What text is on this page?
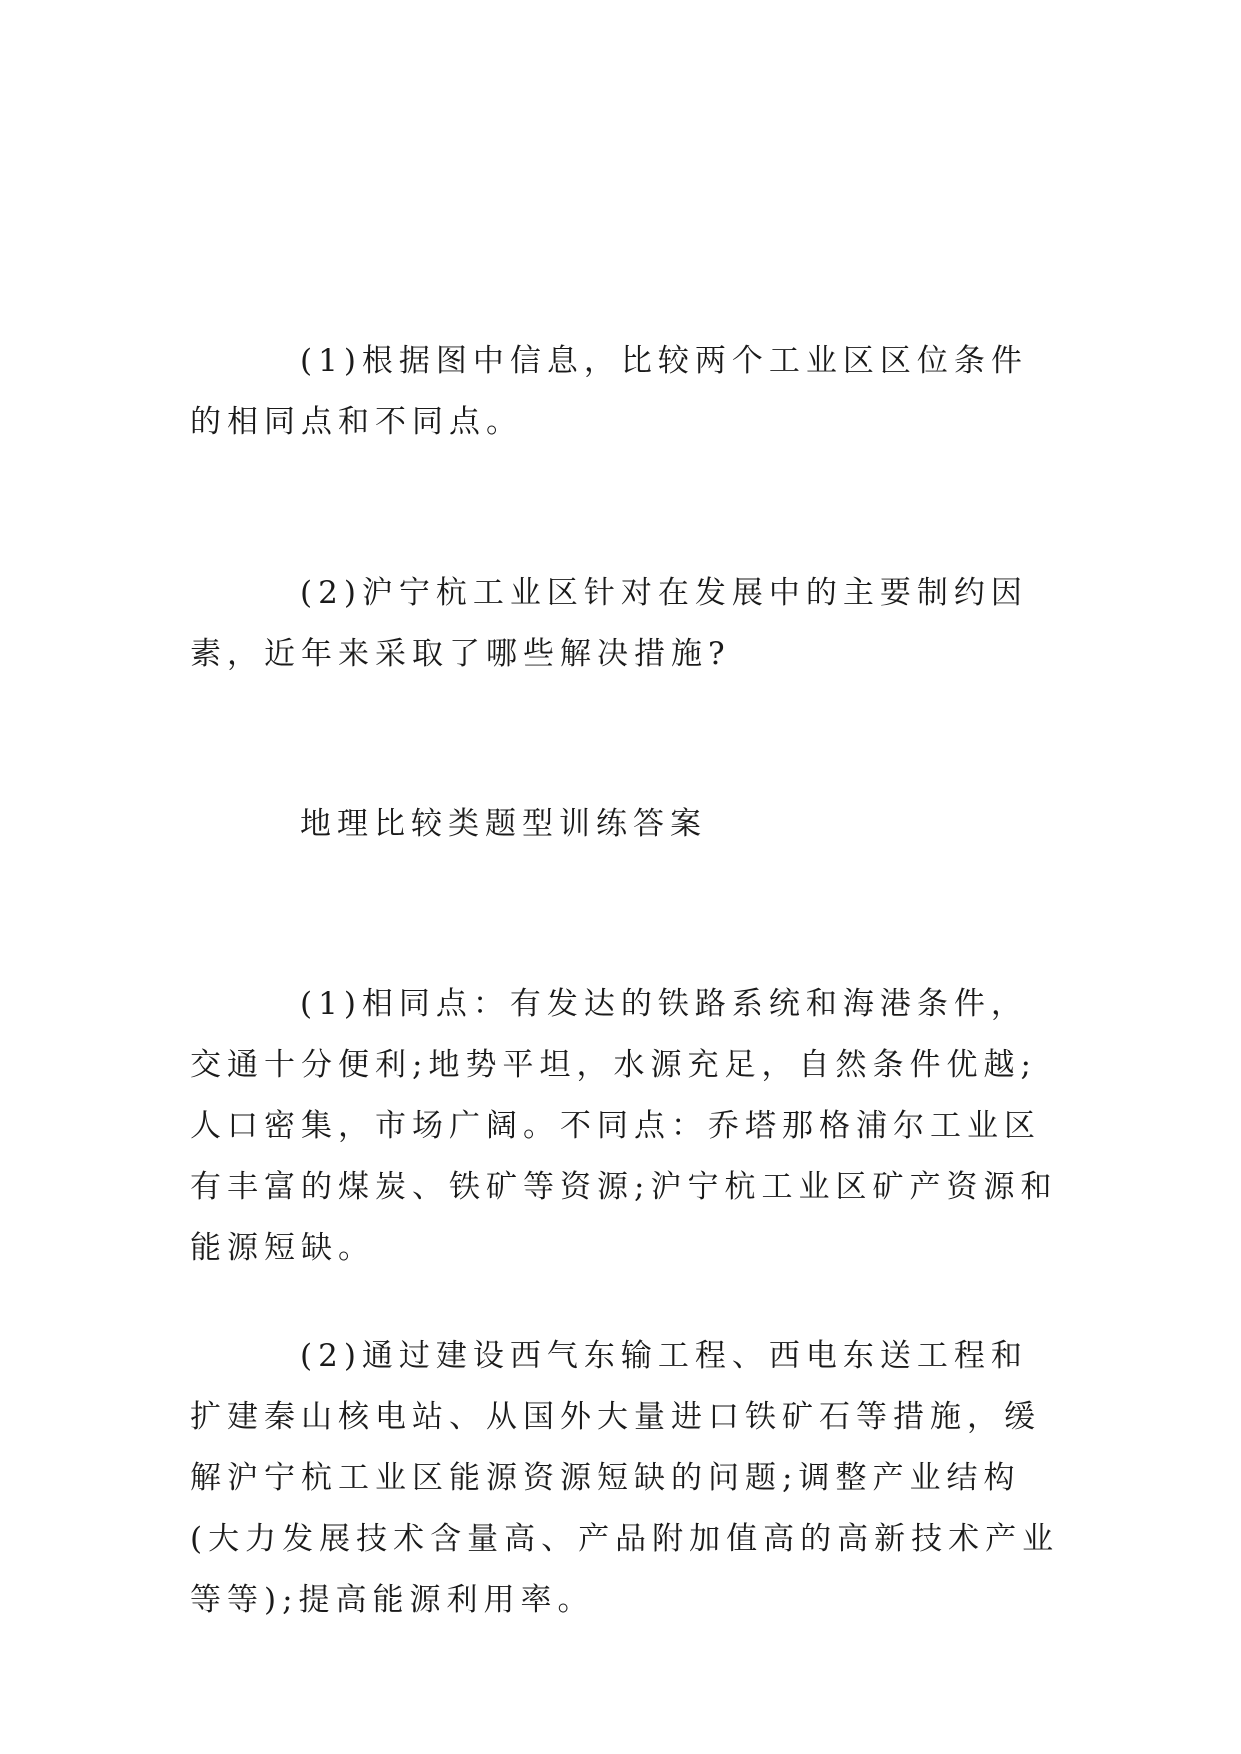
(1)根据图中信息，比较两个工业区区位条件的相同点和不同点。

(2)沪宁杭工业区针对在发展中的主要制约因素，近年来采取了哪些解决措施?

地理比较类题型训练答案

(1)相同点：有发达的铁路系统和海港条件，交通十分便利;地势平坦，水源充足，自然条件优越;人口密集，市场广阔。不同点：乔塔那格浦尔工业区有丰富的煤炭、铁矿等资源;沪宁杭工业区矿产资源和能源短缺。

(2)通过建设西气东输工程、西电东送工程和扩建秦山核电站、从国外大量进口铁矿石等措施，缓解沪宁杭工业区能源资源短缺的问题;调整产业结构(大力发展技术含量高、产品附加值高的高新技术产业等等);提高能源利用率。
